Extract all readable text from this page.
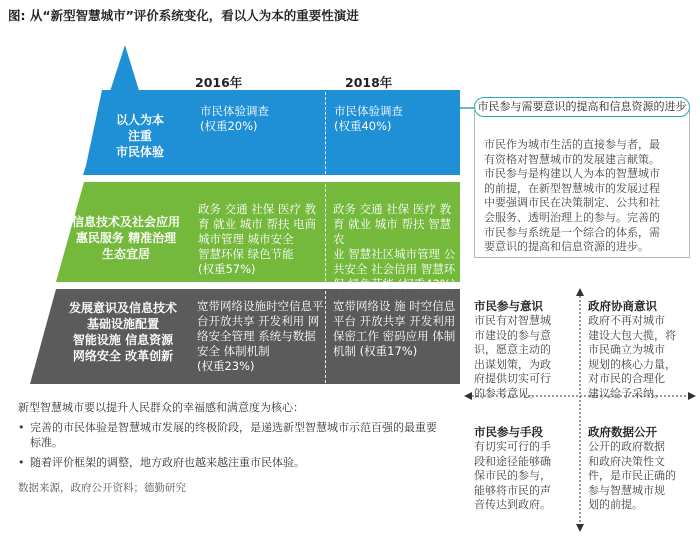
图: 从“新型智慧城市”评价系统变化，看以人为本的重要性演进
2016年	2018年
以人为本
注重
市民体验
市民体验调查
(权重20%)
市民体验调查
(权重40%)
信息技术及社会应用
惠民服务 精准治理
生态宜居
政务 交通 社保 医疗 教
育 就业 城市 帮扶 电商
城市管理 城市安全
智慧环保 绿色节能
(权重57%)
政务 交通 社保 医疗 教
育 就业 城市 帮扶 智慧农
业 智慧社区城市管理 公
共安全 社会信用 智慧环
保 绿色节能 (权重43%)
发展意识及信息技术
基础设施配置
智能设施 信息资源
网络安全 改革创新
宽带网络设施时空信息平
台开放共享 开发利用 网
络安全管理 系统与数据
安全 体制机制
(权重23%)
宽带网络设 施 时空信息
平台 开放共享 开发利用
保密工作 密码应用 体制
机制 (权重17%)
市民参与需要意识的提高和信息资源的进步
市民作为城市生活的直接参与者，最
有资格对智慧城市的发展建言献策。
市民参与是构建以人为本的智慧城市
的前提，在新型智慧城市的发展过程
中要强调市民在决策制定、公共和社
会服务、透明治理上的参与。完善的
市民参与系统是一个综合的体系，需
要意识的提高和信息资源的进步。
市民参与意识
市民有对智慧城
市建设的参与意
识，愿意主动的
出谋划策，为政
府提供切实可行
的参考意见。
政府协商意识
政府不再对城市
建设大包大揽，将
市民确立为城市
规划的核心力量，
对市民的合理化
建议给予采纳。
市民参与手段
有切实可行的手
段和途径能够确
保市民的参与，
能够将市民的声
音传达到政府。
政府数据公开
公开的政府数据
和政府决策性文
件，是市民正确的
参与智慧城市规
划的前提。
新型智慧城市要以提升人民群众的幸福感和满意度为核心：
• 完善的市民体验是智慧城市发展的终极阶段，是递选新型智慧城市示范百强的最重要
标准。
• 随着评价框架的调整，地方政府也越来越注重市民体验。
数据来源，政府公开资料；德勤研究
